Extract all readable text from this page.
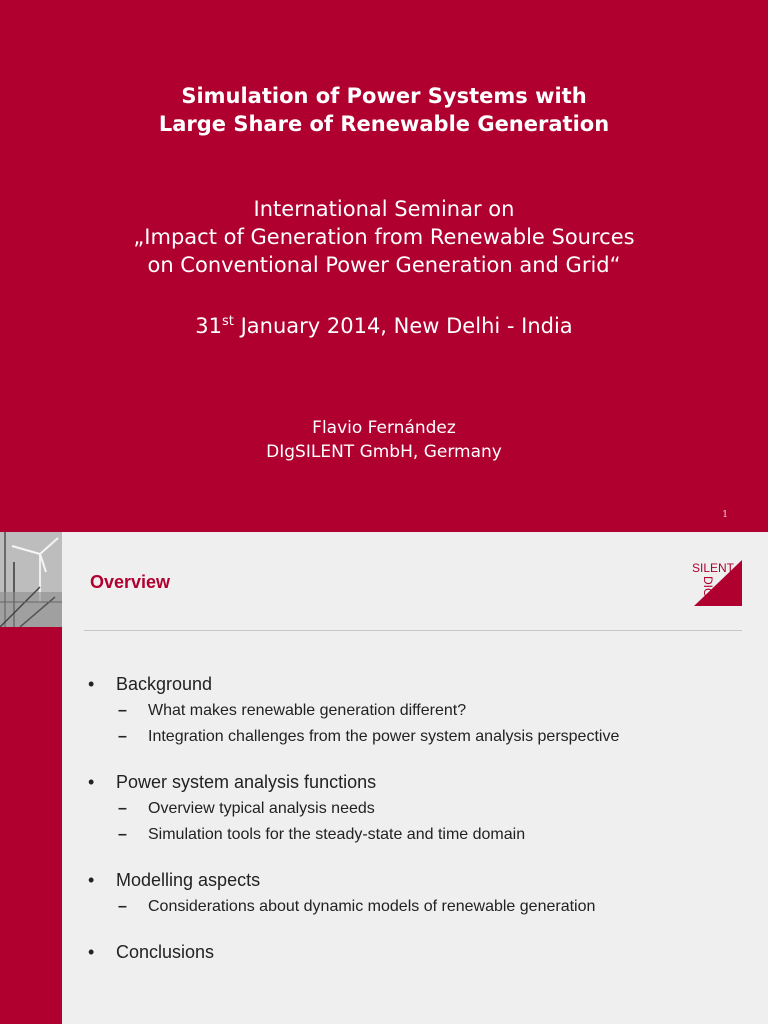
Simulation of Power Systems with
Large Share of Renewable Generation
International Seminar on
„Impact of Generation from Renewable Sources
on Conventional Power Generation and Grid“
31st January 2014, New Delhi - India
Flavio Fernández
DIgSILENT GmbH, Germany
1
Overview
SILENT
DIG
• Background
– What makes renewable generation different?
– Integration challenges from the power system analysis perspective
• Power system analysis functions
– Overview typical analysis needs
– Simulation tools for the steady-state and time domain
• Modelling aspects
– Considerations about dynamic models of renewable generation
• Conclusions
